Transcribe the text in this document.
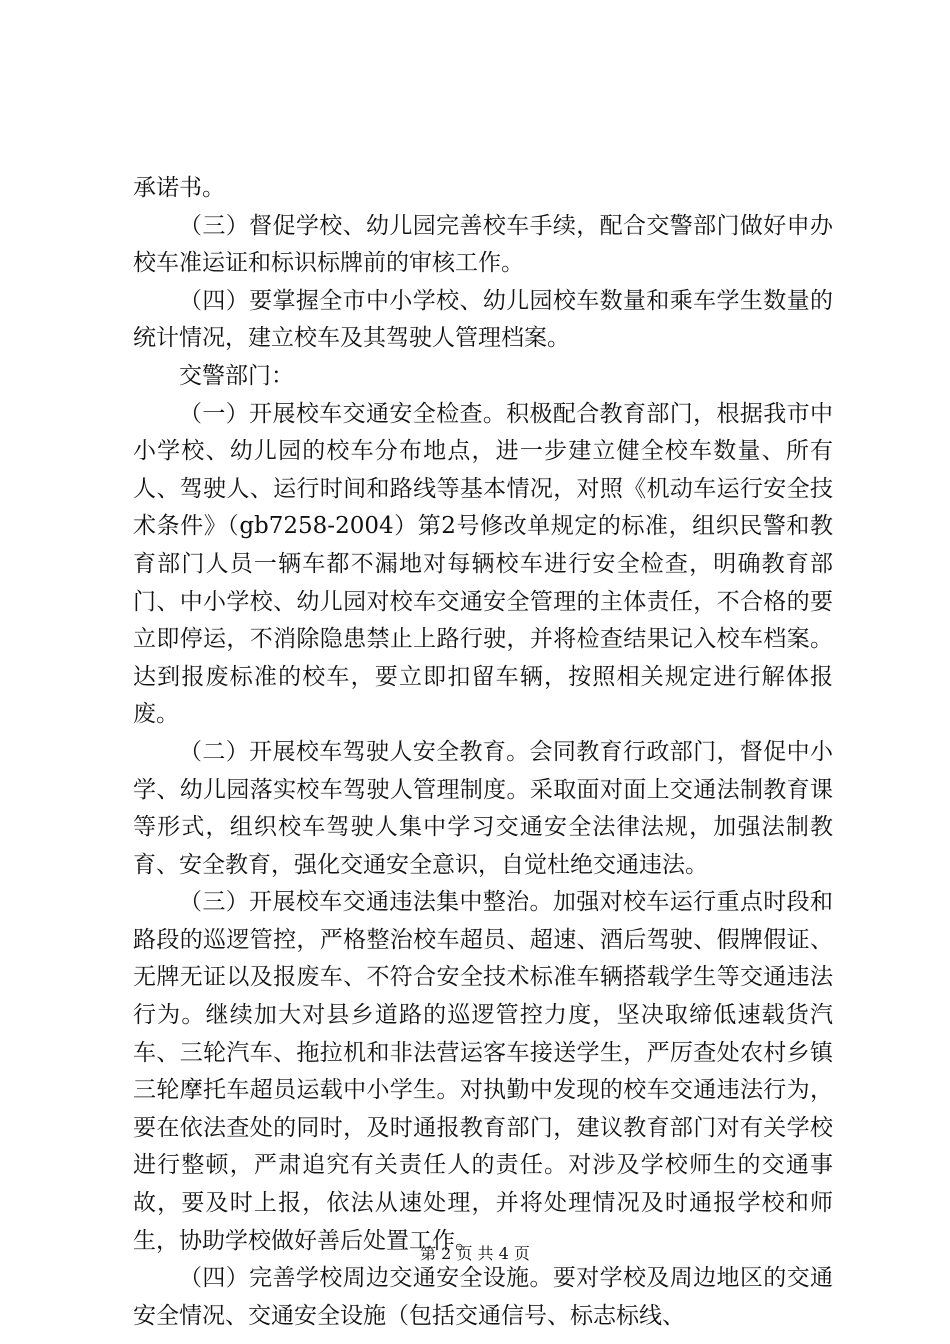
承诺书。

（三）督促学校、幼儿园完善校车手续，配合交警部门做好申办校车准运证和标识标牌前的审核工作。

（四）要掌握全市中小学校、幼儿园校车数量和乘车学生数量的统计情况，建立校车及其驾驶人管理档案。

交警部门：

（一）开展校车交通安全检查。积极配合教育部门，根据我市中小学校、幼儿园的校车分布地点，进一步建立健全校车数量、所有人、驾驶人、运行时间和路线等基本情况，对照《机动车运行安全技术条件》（gb7258-2004）第2号修改单规定的标准，组织民警和教育部门人员一辆车都不漏地对每辆校车进行安全检查，明确教育部门、中小学校、幼儿园对校车交通安全管理的主体责任，不合格的要立即停运，不消除隐患禁止上路行驶，并将检查结果记入校车档案。达到报废标准的校车，要立即扣留车辆，按照相关规定进行解体报废。

（二）开展校车驾驶人安全教育。会同教育行政部门，督促中小学、幼儿园落实校车驾驶人管理制度。采取面对面上交通法制教育课等形式，组织校车驾驶人集中学习交通安全法律法规，加强法制教育、安全教育，强化交通安全意识，自觉杜绝交通违法。

（三）开展校车交通违法集中整治。加强对校车运行重点时段和路段的巡逻管控，严格整治校车超员、超速、酒后驾驶、假牌假证、无牌无证以及报废车、不符合安全技术标准车辆搭载学生等交通违法行为。继续加大对县乡道路的巡逻管控力度，坚决取缔低速载货汽车、三轮汽车、拖拉机和非法营运客车接送学生，严厉查处农村乡镇三轮摩托车超员运载中小学生。对执勤中发现的校车交通违法行为，要在依法查处的同时，及时通报教育部门，建议教育部门对有关学校进行整顿，严肃追究有关责任人的责任。对涉及学校师生的交通事故，要及时上报，依法从速处理，并将处理情况及时通报学校和师生，协助学校做好善后处置工作。

（四）完善学校周边交通安全设施。要对学校及周边地区的交通安全情况、交通安全设施（包括交通信号、标志标线、

第 2 页 共 4 页
